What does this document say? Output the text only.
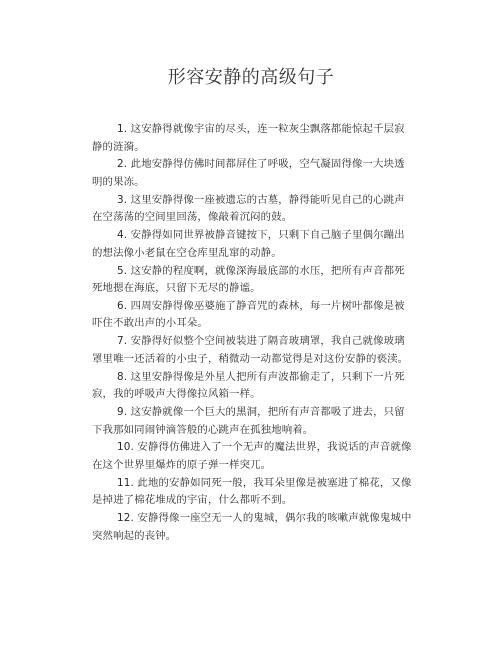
形容安静的高级句子

1. 这安静得就像宇宙的尽头，连一粒灰尘飘落都能惊起千层寂静的涟漪。

2. 此地安静得仿佛时间都屏住了呼吸，空气凝固得像一大块透明的果冻。

3. 这里安静得像一座被遗忘的古墓，静得能听见自己的心跳声在空荡荡的空间里回荡，像敲着沉闷的鼓。

4. 安静得如同世界被静音键按下，只剩下自己脑子里偶尔蹦出的想法像小老鼠在空仓库里乱窜的动静。

5. 这安静的程度啊，就像深海最底部的水压，把所有声音都死死地摁在海底，只留下无尽的静谧。

6. 四周安静得像巫婆施了静音咒的森林，每一片树叶都像是被吓住不敢出声的小耳朵。

7. 安静得好似整个空间被装进了隔音玻璃罩，我自己就像玻璃罩里唯一还活着的小虫子，稍微动一动都觉得是对这份安静的亵渎。

8. 这里安静得像是外星人把所有声波都偷走了，只剩下一片死寂，我的呼吸声大得像拉风箱一样。

9. 这安静就像一个巨大的黑洞，把所有声音都吸了进去，只留下我那如同闹钟滴答般的心跳声在孤独地响着。

10. 安静得仿佛进入了一个无声的魔法世界，我说话的声音就像在这个世界里爆炸的原子弹一样突兀。

11. 此地的安静如同死一般，我耳朵里像是被塞进了棉花，又像是掉进了棉花堆成的宇宙，什么都听不到。

12. 安静得像一座空无一人的鬼城，偶尔我的咳嗽声就像鬼城中突然响起的丧钟。
